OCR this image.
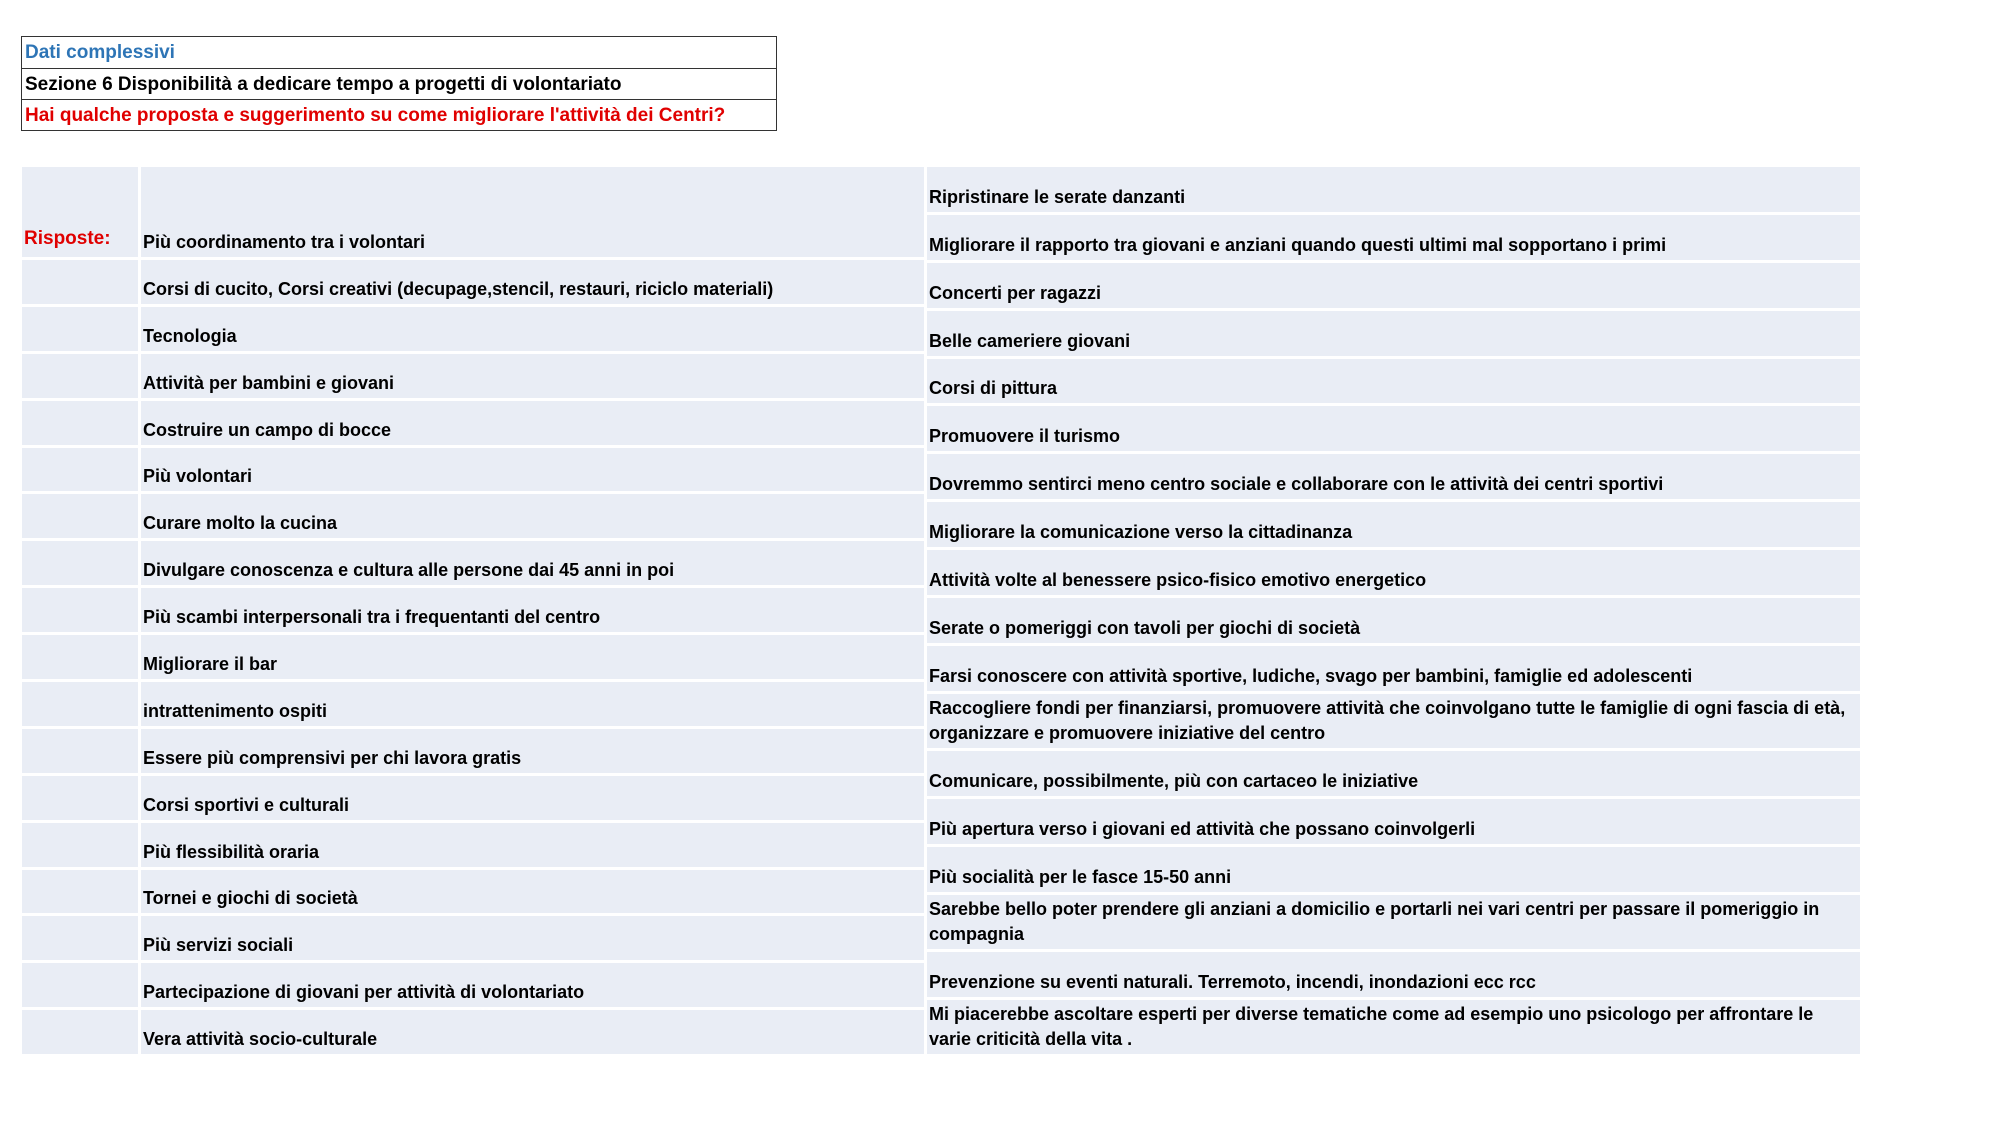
Dati complessivi
Sezione 6 Disponibilità a dedicare tempo a progetti di volontariato
Hai qualche proposta e suggerimento su come migliorare l'attività dei Centri?
Risposte: Più coordinamento tra i volontari
Corsi di cucito, Corsi creativi (decupage,stencil, restauri, riciclo materiali)
Tecnologia
Attività per bambini e giovani
Costruire un campo di bocce
Più volontari
Curare molto la cucina
Divulgare conoscenza e cultura alle persone dai 45 anni in poi
Più scambi interpersonali tra i frequentanti del centro
Migliorare il bar
intrattenimento ospiti
Essere più comprensivi per chi lavora gratis
Corsi sportivi e culturali
Più flessibilità oraria
Tornei e giochi di società
Più servizi sociali
Partecipazione di giovani per attività di volontariato
Vera attività socio-culturale
Ripristinare le serate danzanti
Migliorare il rapporto tra giovani e anziani quando questi ultimi mal sopportano i primi
Concerti per ragazzi
Belle cameriere giovani
Corsi di pittura
Promuovere il turismo
Dovremmo sentirci meno centro sociale e collaborare con le attività dei centri sportivi
Migliorare la comunicazione verso la cittadinanza
Attività volte al benessere psico-fisico emotivo energetico
Serate o pomeriggi con tavoli per giochi di società
Farsi conoscere con attività sportive, ludiche, svago per bambini, famiglie ed adolescenti
Raccogliere fondi per finanziarsi, promuovere attività che coinvolgano tutte le famiglie di ogni fascia di età, organizzare e promuovere iniziative del centro
Comunicare, possibilmente, più con cartaceo le iniziative
Più apertura verso i giovani ed attività che possano coinvolgerli
Più socialità per le fasce 15-50 anni
Sarebbe bello poter prendere gli anziani a domicilio e portarli nei vari centri per passare il pomeriggio in compagnia
Prevenzione su eventi naturali. Terremoto, incendi, inondazioni ecc rcc
Mi piacerebbe ascoltare esperti per diverse tematiche come ad esempio uno psicologo per affrontare le varie criticità della vita .
